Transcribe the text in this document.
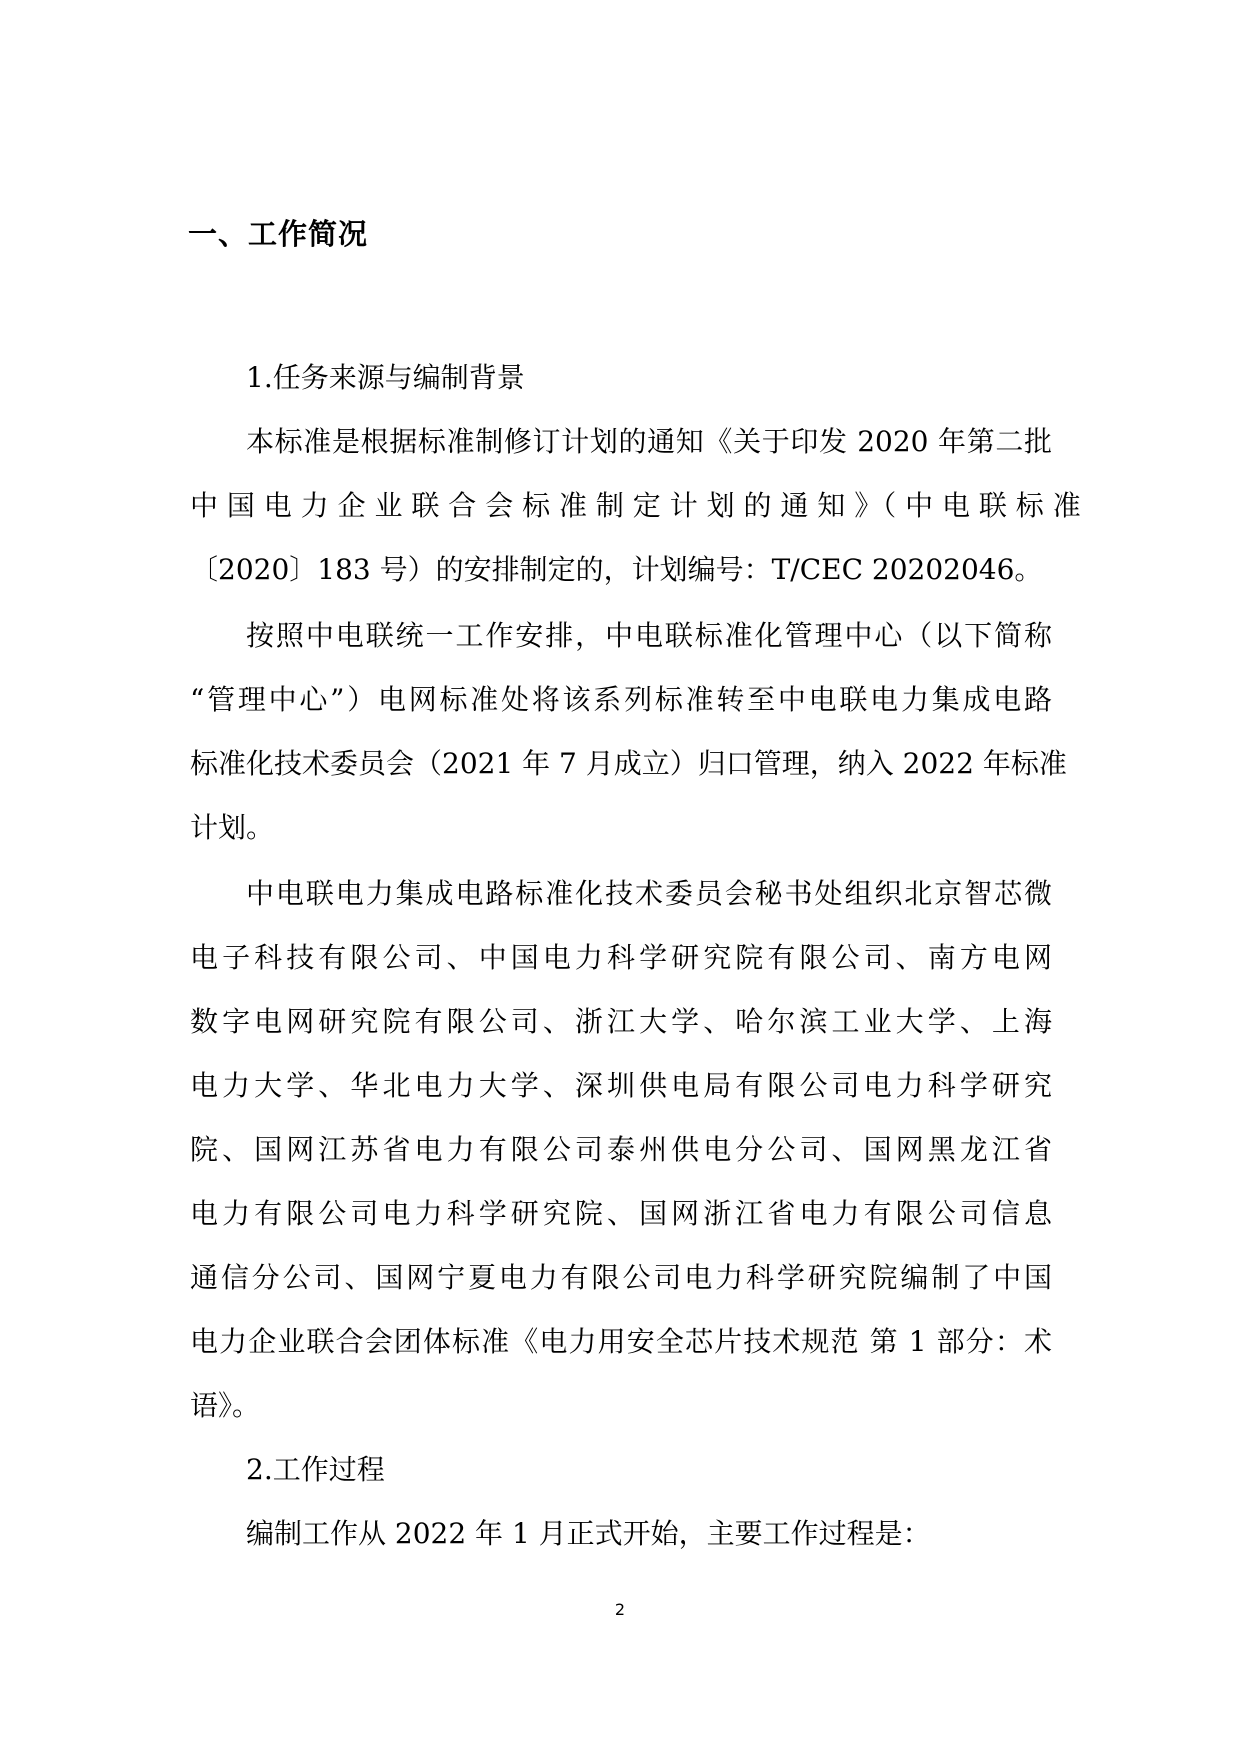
一、工作简况
1.任务来源与编制背景
本标准是根据标准制修订计划的通知《关于印发 2020 年第二批
中 国 电 力 企 业 联 合 会 标 准 制 定 计 划 的 通 知 》（ 中 电 联 标 准
〔2020〕183 号）的安排制定的，计划编号：T/CEC 20202046。
按照中电联统一工作安排，中电联标准化管理中心（以下简称
“管理中心”）电网标准处将该系列标准转至中电联电力集成电路
标准化技术委员会（2021 年 7 月成立）归口管理，纳入 2022 年标准
计划。
中电联电力集成电路标准化技术委员会秘书处组织北京智芯微
电子科技有限公司、中国电力科学研究院有限公司、南方电网
数字电网研究院有限公司、浙江大学、哈尔滨工业大学、上海
电力大学、华北电力大学、深圳供电局有限公司电力科学研究
院、国网江苏省电力有限公司泰州供电分公司、国网黑龙江省
电力有限公司电力科学研究院、国网浙江省电力有限公司信息
通信分公司、国网宁夏电力有限公司电力科学研究院编制了中国
电力企业联合会团体标准《电力用安全芯片技术规范 第 1 部分：术
语》。
2.工作过程
编制工作从 2022 年 1 月正式开始，主要工作过程是：
2
